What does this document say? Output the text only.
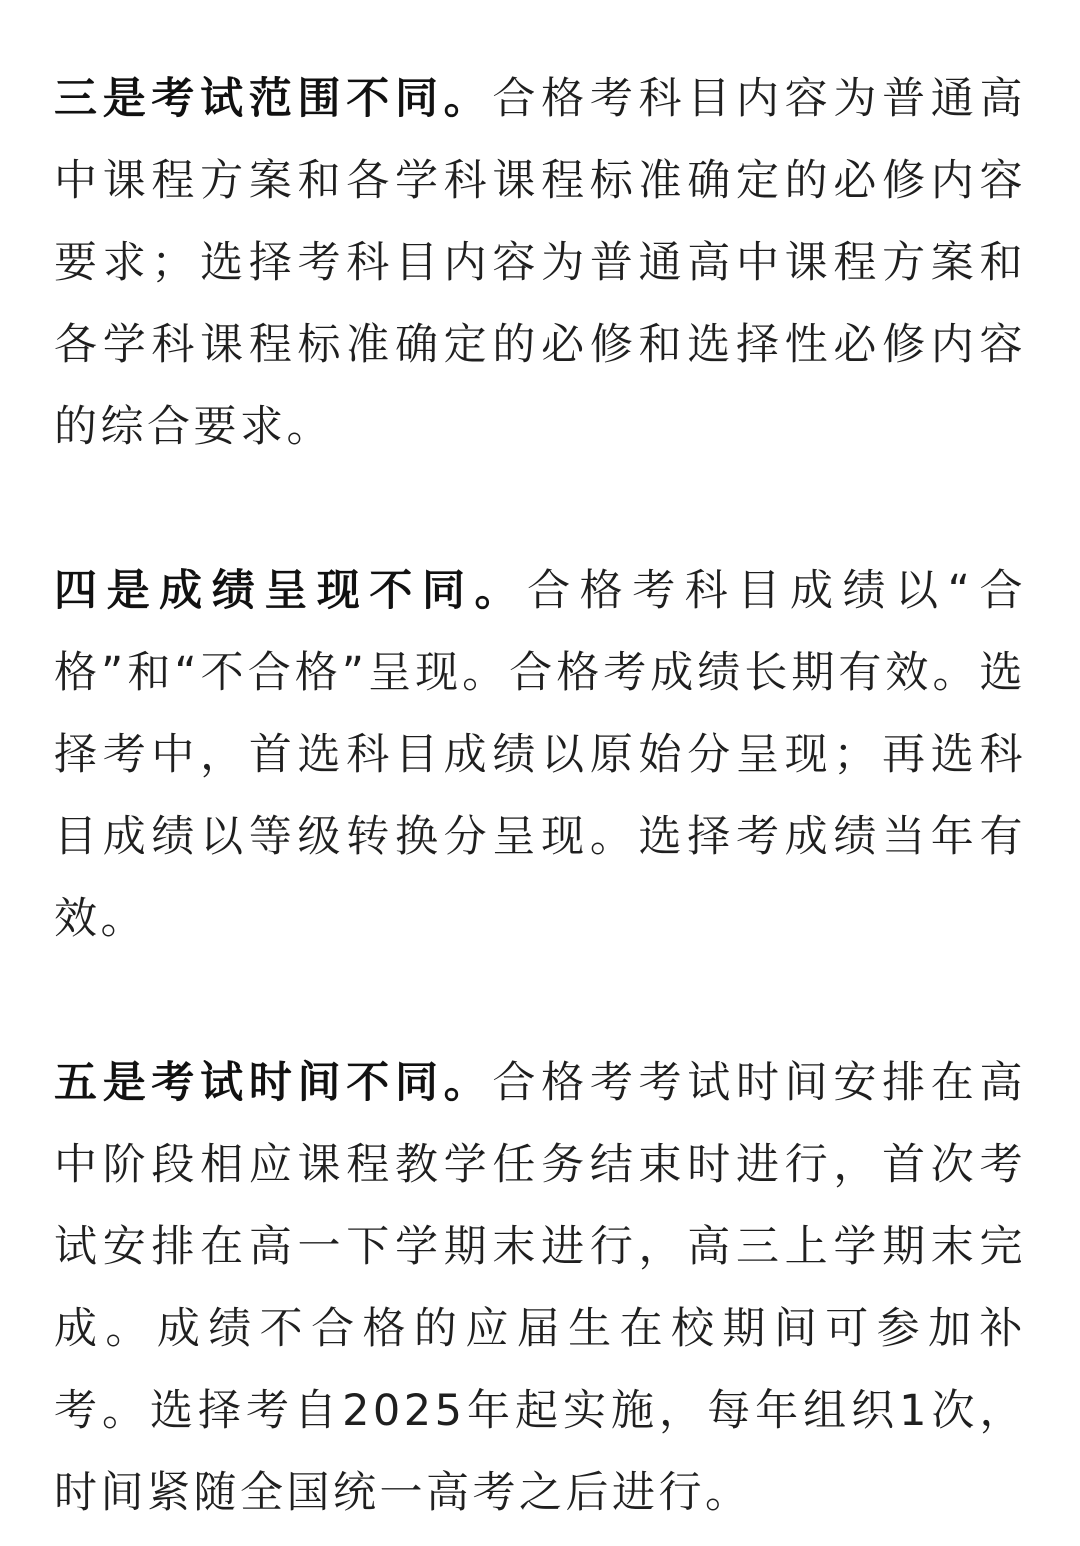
三是考试范围不同。合格考科目内容为普通高中课程方案和各学科课程标准确定的必修内容要求；选择考科目内容为普通高中课程方案和各学科课程标准确定的必修和选择性必修内容的综合要求。

四是成绩呈现不同。合格考科目成绩以“合格”和“不合格”呈现。合格考成绩长期有效。选择考中，首选科目成绩以原始分呈现；再选科目成绩以等级转换分呈现。选择考成绩当年有效。

五是考试时间不同。合格考考试时间安排在高中阶段相应课程教学任务结束时进行，首次考试安排在高一下学期末进行，高三上学期末完成。成绩不合格的应届生在校期间可参加补考。选择考自2025年起实施，每年组织1次，时间紧随全国统一高考之后进行。
